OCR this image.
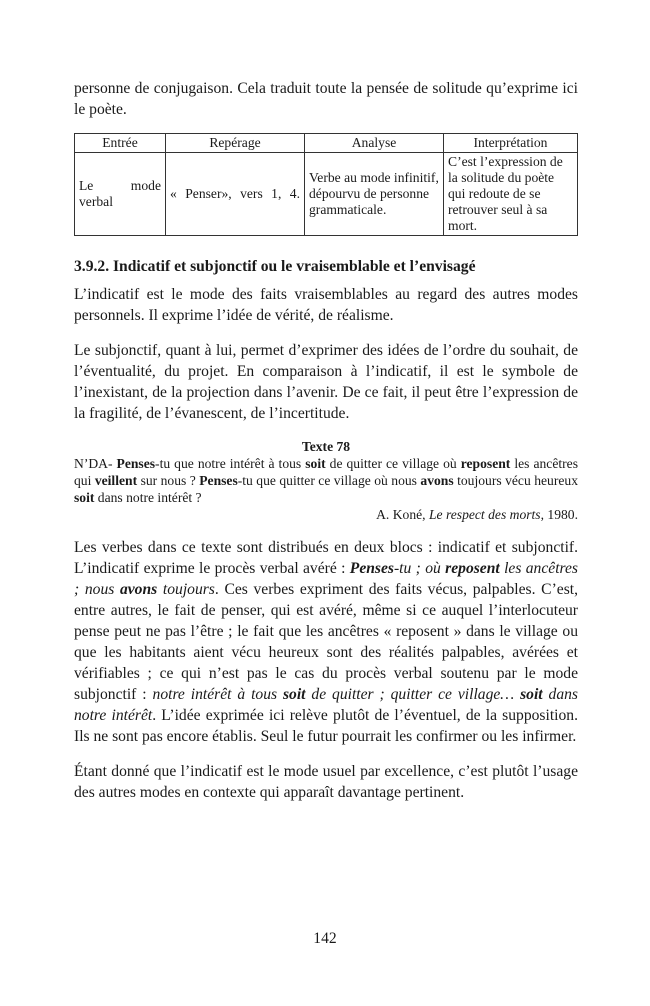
personne de conjugaison. Cela traduit toute la pensée de solitude qu’exprime ici le poète.

Entrée	Repérage	Analyse	Interprétation
Le mode verbal	« Penser», vers 1, 4.	Verbe au mode infinitif, dépourvu de personne grammaticale.	C’est l’expression de la solitude du poète qui redoute de se retrouver seul à sa mort.
3.9.2. Indicatif et subjonctif ou le vraisemblable et l’envisagé

L’indicatif est le mode des faits vraisemblables au regard des autres modes personnels. Il exprime l’idée de vérité, de réalisme.

Le subjonctif, quant à lui, permet d’exprimer des idées de l’ordre du souhait, de l’éventualité, du projet. En comparaison à l’indicatif, il est le symbole de l’inexistant, de la projection dans l’avenir. De ce fait, il peut être l’expression de la fragilité, de l’évanescent, de l’incertitude.

Texte 78
N’DA- Penses-tu que notre intérêt à tous soit de quitter ce village où reposent les ancêtres qui veillent sur nous ? Penses-tu que quitter ce village où nous avons toujours vécu heureux soit dans notre intérêt ?
A. Koné, Le respect des morts, 1980.

Les verbes dans ce texte sont distribués en deux blocs : indicatif et subjonctif. L’indicatif exprime le procès verbal avéré : Penses-tu ; où reposent les ancêtres ; nous avons toujours. Ces verbes expriment des faits vécus, palpables. C’est, entre autres, le fait de penser, qui est avéré, même si ce auquel l’interlocuteur pense peut ne pas l’être ; le fait que les ancêtres « reposent » dans le village ou que les habitants aient vécu heureux sont des réalités palpables, avérées et vérifiables ; ce qui n’est pas le cas du procès verbal soutenu par le mode subjonctif : notre intérêt à tous soit de quitter ; quitter ce village… soit dans notre intérêt. L’idée exprimée ici relève plutôt de l’éventuel, de la supposition. Ils ne sont pas encore établis. Seul le futur pourrait les confirmer ou les infirmer.

Étant donné que l’indicatif est le mode usuel par excellence, c’est plutôt l’usage des autres modes en contexte qui apparaît davantage pertinent.

142
